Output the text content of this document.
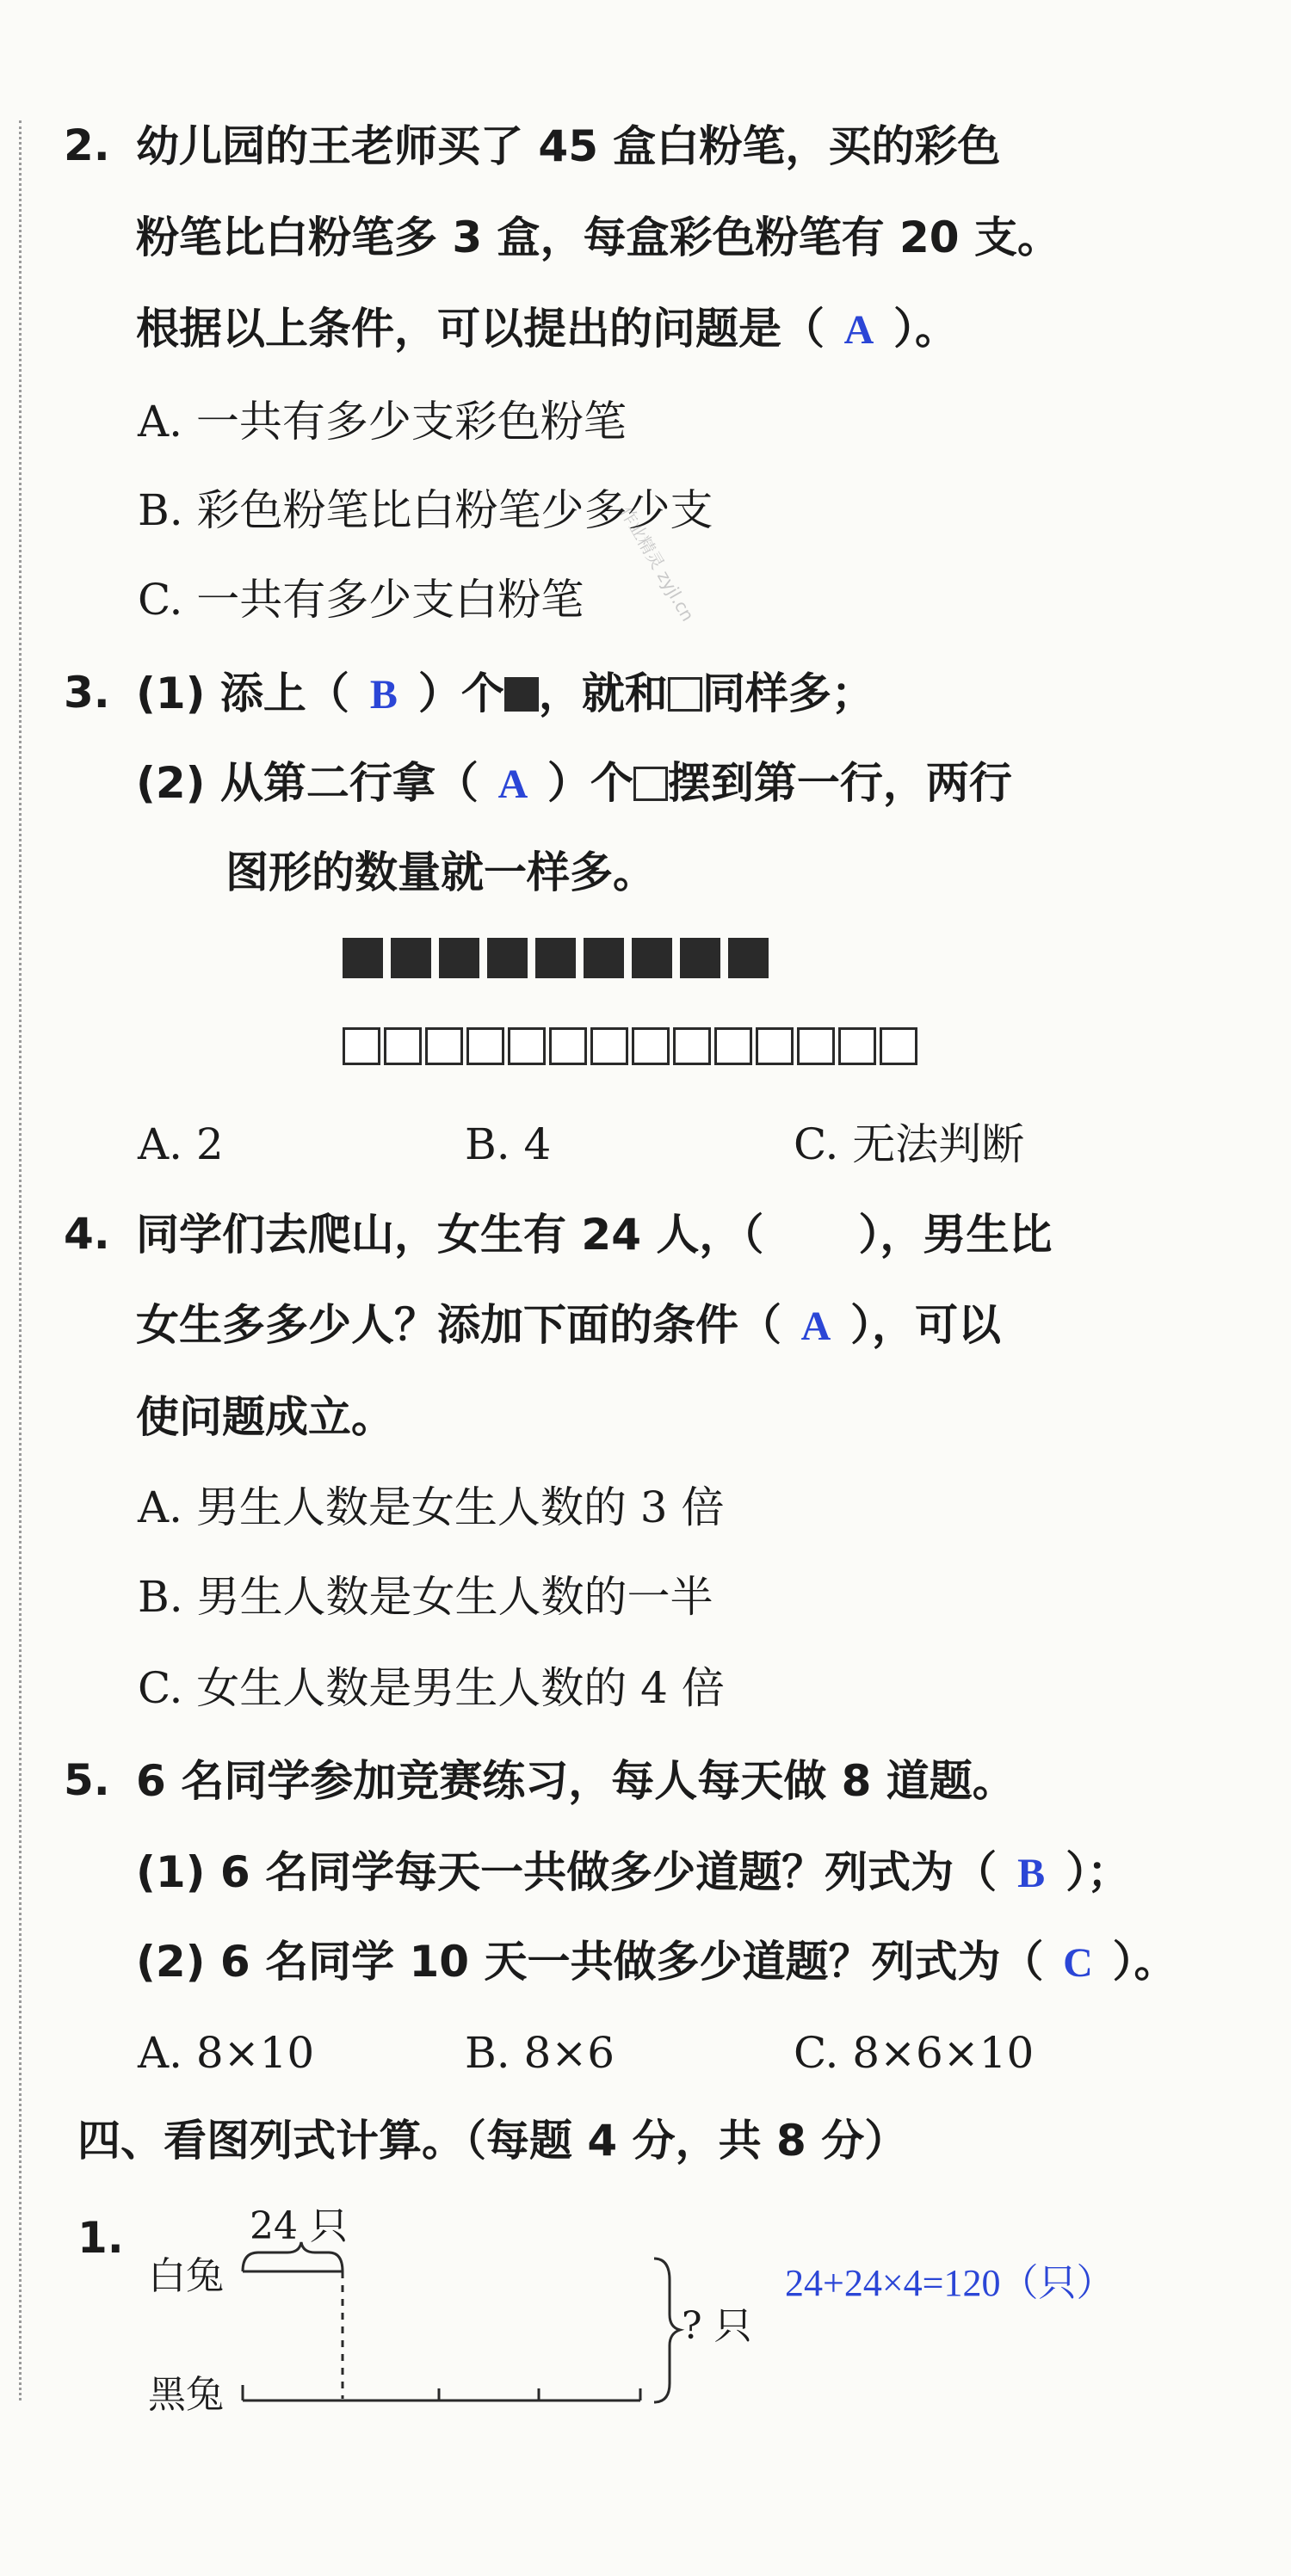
作业精灵 zyjl.cn
2. 幼儿园的王老师买了 45 盒白粉笔，买的彩色
粉笔比白粉笔多 3 盒，每盒彩色粉笔有 20 支。
根据以上条件，可以提出的问题是（ A ）。
A. 一共有多少支彩色粉笔
B. 彩色粉笔比白粉笔少多少支
C. 一共有多少支白粉笔
3. (1) 添上（ B ）个 ，就和 同样多；
(2) 从第二行拿（ A ）个 摆到第一行，两行
图形的数量就一样多。
A. 2	B. 4	C. 无法判断
4. 同学们去爬山，女生有 24 人，（ ），男生比
女生多多少人？添加下面的条件（ A ），可以
使问题成立。
A. 男生人数是女生人数的 3 倍
B. 男生人数是女生人数的一半
C. 女生人数是男生人数的 4 倍
5. 6 名同学参加竞赛练习，每人每天做 8 道题。
(1) 6 名同学每天一共做多少道题？列式为（ B ）；
(2) 6 名同学 10 天一共做多少道题？列式为（ C ）。
A. 8×10	B. 8×6	C. 8×6×10
四、看图列式计算。（每题 4 分，共 8 分）
1.	24 只
白兔
黑兔
? 只
24+24×4=120（只）
